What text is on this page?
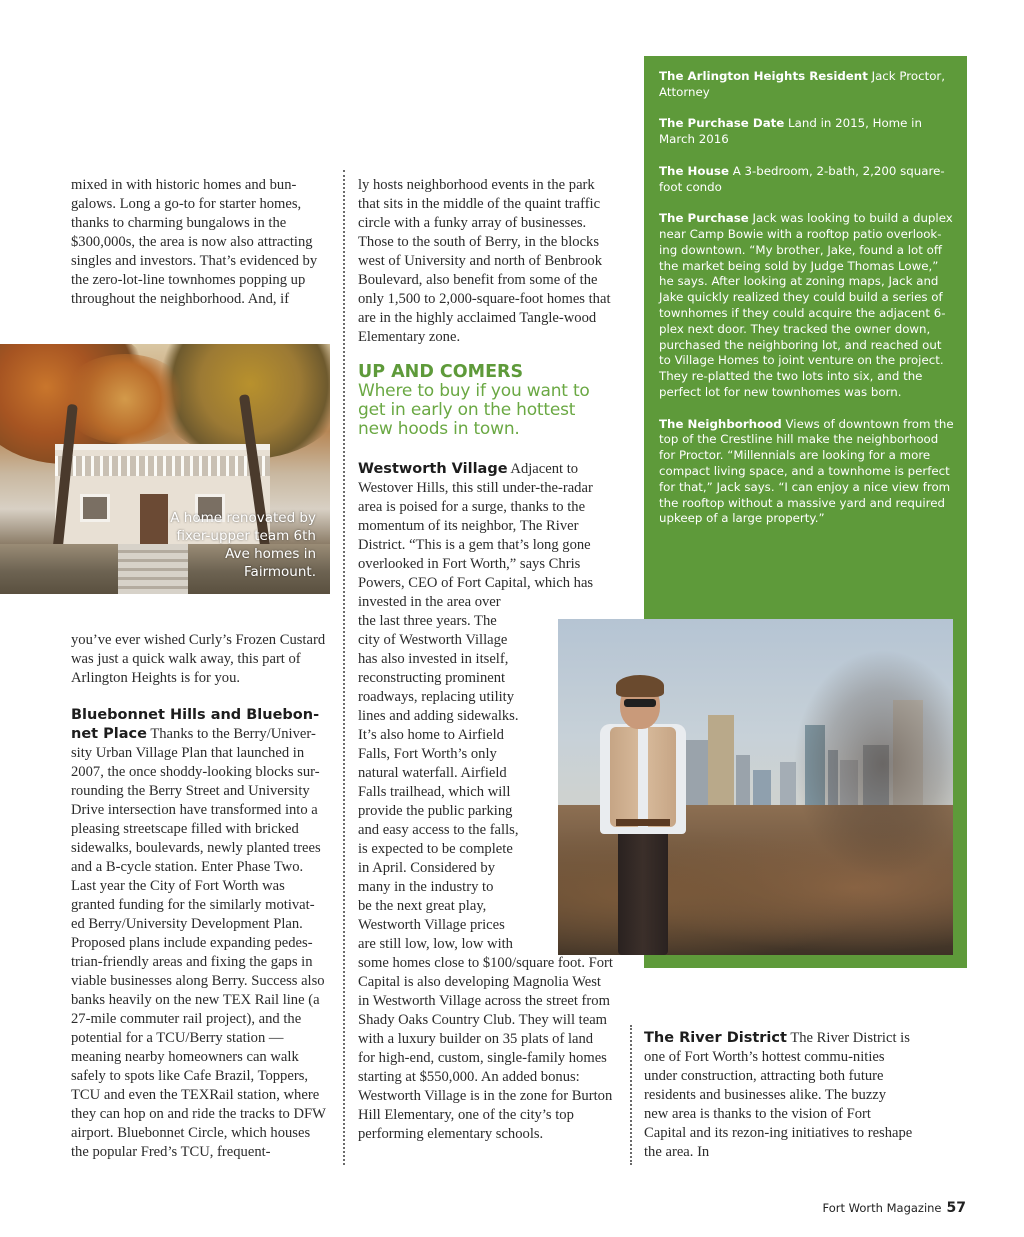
mixed in with historic homes and bun-galows. Long a go-to for starter homes, thanks to charming bungalows in the $300,000s, the area is now also attracting singles and investors. That’s evidenced by the zero-lot-line townhomes popping up throughout the neighborhood. And, if
A home renovated by fixer-upper team 6th Ave homes in Fairmount.
you’ve ever wished Curly’s Frozen Custard was just a quick walk away, this part of Arlington Heights is for you.
Bluebonnet Hills and Bluebon-net Place Thanks to the Berry/Univer-sity Urban Village Plan that launched in 2007, the once shoddy-looking blocks sur-rounding the Berry Street and University Drive intersection have transformed into a pleasing streetscape filled with bricked sidewalks, boulevards, newly planted trees and a B-cycle station. Enter Phase Two. Last year the City of Fort Worth was granted funding for the similarly motivat-ed Berry/University Development Plan. Proposed plans include expanding pedes-trian-friendly areas and fixing the gaps in viable businesses along Berry. Success also banks heavily on the new TEX Rail line (a 27-mile commuter rail project), and the potential for a TCU/Berry station — meaning nearby homeowners can walk safely to spots like Cafe Brazil, Toppers, TCU and even the TEXRail station, where they can hop on and ride the tracks to DFW airport. Bluebonnet Circle, which houses the popular Fred’s TCU, frequent-
ly hosts neighborhood events in the park that sits in the middle of the quaint traffic circle with a funky array of businesses. Those to the south of Berry, in the blocks west of University and north of Benbrook Boulevard, also benefit from some of the only 1,500 to 2,000-square-foot homes that are in the highly acclaimed Tangle-wood Elementary zone.
UP AND COMERS
Where to buy if you want to get in early on the hottest new hoods in town.
Westworth Village Adjacent to Westover Hills, this still under-the-radar area is poised for a surge, thanks to the momentum of its neighbor, The River District. “This is a gem that’s long gone overlooked in Fort Worth,” says Chris Powers, CEO of Fort Capital, which has
invested in the area over
the last three years. The
city of Westworth Village
has also invested in itself,
reconstructing prominent
roadways, replacing utility
lines and adding sidewalks.
It’s also home to Airfield
Falls, Fort Worth’s only
natural waterfall. Airfield
Falls trailhead, which will
provide the public parking
and easy access to the falls,
is expected to be complete
in April. Considered by
many in the industry to
be the next great play,
Westworth Village prices
are still low, low, low with
some homes close to $100/square foot. Fort Capital is also developing Magnolia West in Westworth Village across the street from Shady Oaks Country Club. They will team with a luxury builder on 35 plats of land for high-end, custom, single-family homes starting at $550,000. An added bonus: Westworth Village is in the zone for Burton Hill Elementary, one of the city’s top performing elementary schools.

The Arlington Heights Resident Jack Proctor, Attorney

The Purchase Date Land in 2015, Home in March 2016

The House A 3-bedroom, 2-bath, 2,200 square-foot condo

The Purchase Jack was looking to build a duplex near Camp Bowie with a rooftop patio overlook-ing downtown. “My brother, Jake, found a lot off the market being sold by Judge Thomas Lowe,” he says. After looking at zoning maps, Jack and Jake quickly realized they could build a series of townhomes if they could acquire the adjacent 6-plex next door. They tracked the owner down, purchased the neighboring lot, and reached out to Village Homes to joint venture on the project. They re-platted the two lots into six, and the perfect lot for new townhomes was born.

The Neighborhood Views of downtown from the top of the Crestline hill make the neighborhood for Proctor. “Millennials are looking for a more compact living space, and a townhome is perfect for that,” Jack says. “I can enjoy a nice view from the rooftop without a massive yard and required upkeep of a large property.”

The River District The River District is one of Fort Worth’s hottest commu-nities under construction, attracting both future residents and businesses alike. The buzzy new area is thanks to the vision of Fort Capital and its rezon-ing initiatives to reshape the area. In
Fort Worth Magazine 57
